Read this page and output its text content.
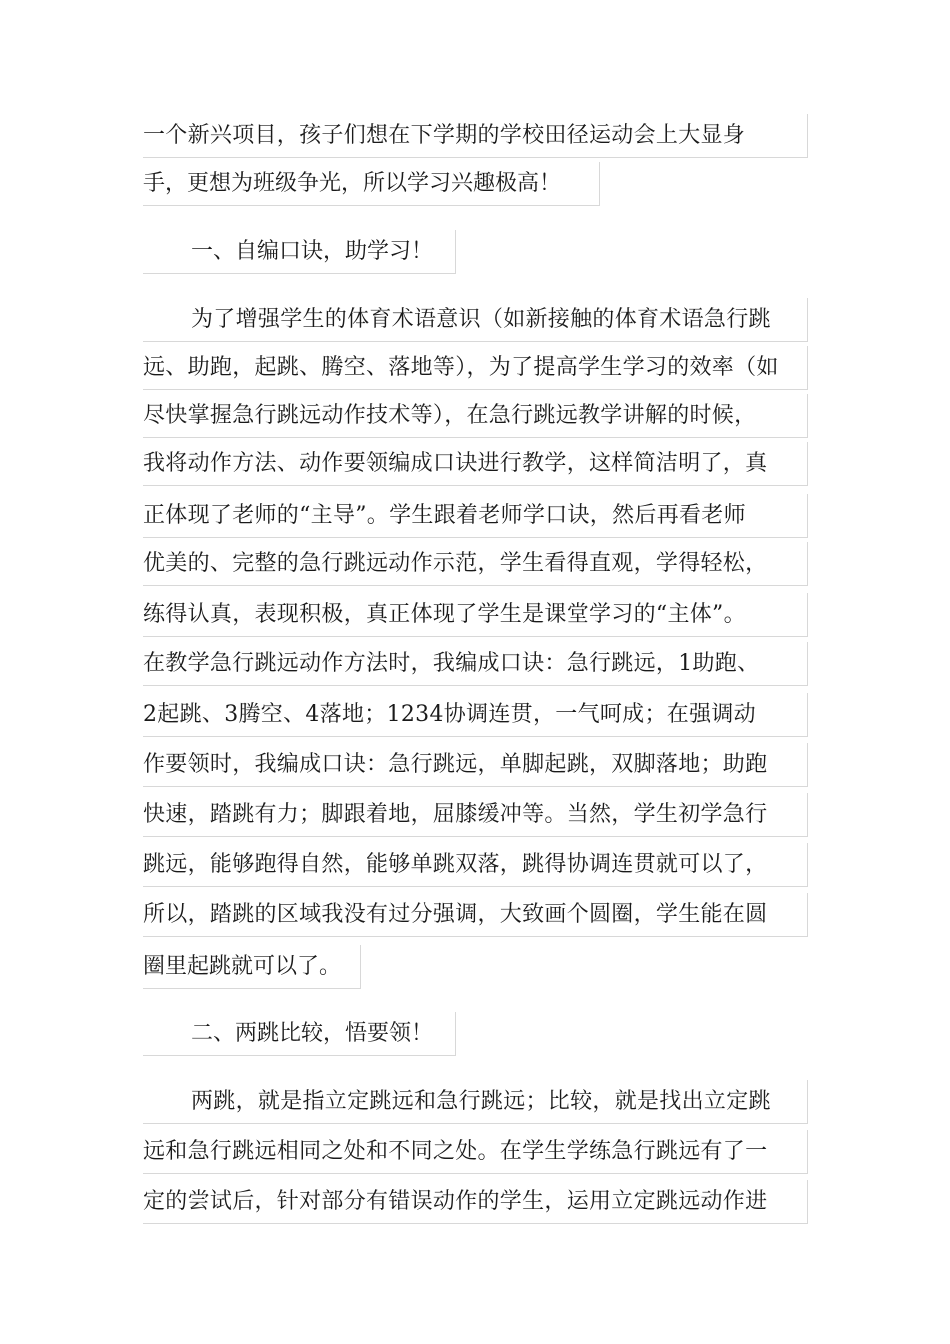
一个新兴项目，孩子们想在下学期的学校田径运动会上大显身
手，更想为班级争光，所以学习兴趣极高！
一、自编口诀，助学习！
为了增强学生的体育术语意识（如新接触的体育术语急行跳
远、助跑，起跳、腾空、落地等），为了提高学生学习的效率（如
尽快掌握急行跳远动作技术等），在急行跳远教学讲解的时候，
我将动作方法、动作要领编成口诀进行教学，这样简洁明了，真
正体现了老师的“主导”。学生跟着老师学口诀，然后再看老师
优美的、完整的急行跳远动作示范，学生看得直观，学得轻松，
练得认真，表现积极，真正体现了学生是课堂学习的“主体”。
在教学急行跳远动作方法时，我编成口诀：急行跳远，1助跑、
2起跳、3腾空、4落地；1234协调连贯，一气呵成；在强调动
作要领时，我编成口诀：急行跳远，单脚起跳，双脚落地；助跑
快速，踏跳有力；脚跟着地，屈膝缓冲等。当然，学生初学急行
跳远，能够跑得自然，能够单跳双落，跳得协调连贯就可以了，
所以，踏跳的区域我没有过分强调，大致画个圆圈，学生能在圆
圈里起跳就可以了。
二、两跳比较，悟要领！
两跳，就是指立定跳远和急行跳远；比较，就是找出立定跳
远和急行跳远相同之处和不同之处。在学生学练急行跳远有了一
定的尝试后，针对部分有错误动作的学生，运用立定跳远动作进
